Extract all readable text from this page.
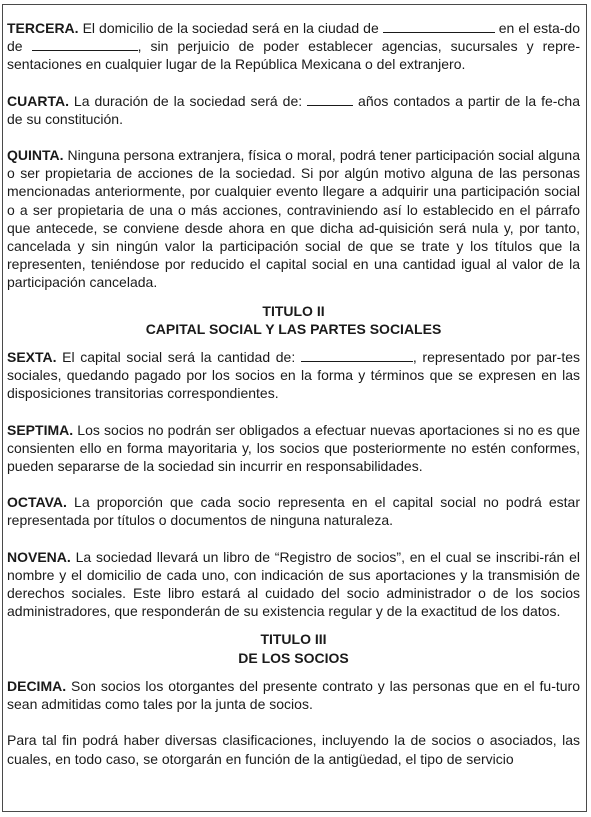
TERCERA. El domicilio de la sociedad será en la ciudad de	en el esta-do de	, sin perjuicio de poder establecer agencias, sucursales y repre-sentaciones en cualquier lugar de la República Mexicana o del extranjero.

CUARTA. La duración de la sociedad será de:	años contados a partir de la fe-cha de su constitución.

QUINTA. Ninguna persona extranjera, física o moral, podrá tener participación social alguna o ser propietaria de acciones de la sociedad. Si por algún motivo alguna de las personas mencionadas anteriormente, por cualquier evento llegare a adquirir una participación social o a ser propietaria de una o más acciones, contraviniendo así lo establecido en el párrafo que antecede, se conviene desde ahora en que dicha ad-quisición será nula y, por tanto, cancelada y sin ningún valor la participación social de que se trate y los títulos que la representen, teniéndose por reducido el capital social en una cantidad igual al valor de la participación cancelada.

TITULO II

CAPITAL SOCIAL Y LAS PARTES SOCIALES

SEXTA. El capital social será la cantidad de:	, representado por par-tes sociales, quedando pagado por los socios en la forma y términos que se expresen en las disposiciones transitorias correspondientes.

SEPTIMA. Los socios no podrán ser obligados a efectuar nuevas aportaciones si no es que consienten ello en forma mayoritaria y, los socios que posteriormente no estén conformes, pueden separarse de la sociedad sin incurrir en responsabilidades.

OCTAVA. La proporción que cada socio representa en el capital social no podrá estar representada por títulos o documentos de ninguna naturaleza.

NOVENA. La sociedad llevará un libro de “Registro de socios”, en el cual se inscribi-rán el nombre y el domicilio de cada uno, con indicación de sus aportaciones y la transmisión de derechos sociales. Este libro estará al cuidado del socio administrador o de los socios administradores, que responderán de su existencia regular y de la exactitud de los datos.

TITULO III

DE LOS SOCIOS

DECIMA. Son socios los otorgantes del presente contrato y las personas que en el fu-turo sean admitidas como tales por la junta de socios.

Para tal fin podrá haber diversas clasificaciones, incluyendo la de socios o asociados, las cuales, en todo caso, se otorgarán en función de la antigüedad, el tipo de servicio
